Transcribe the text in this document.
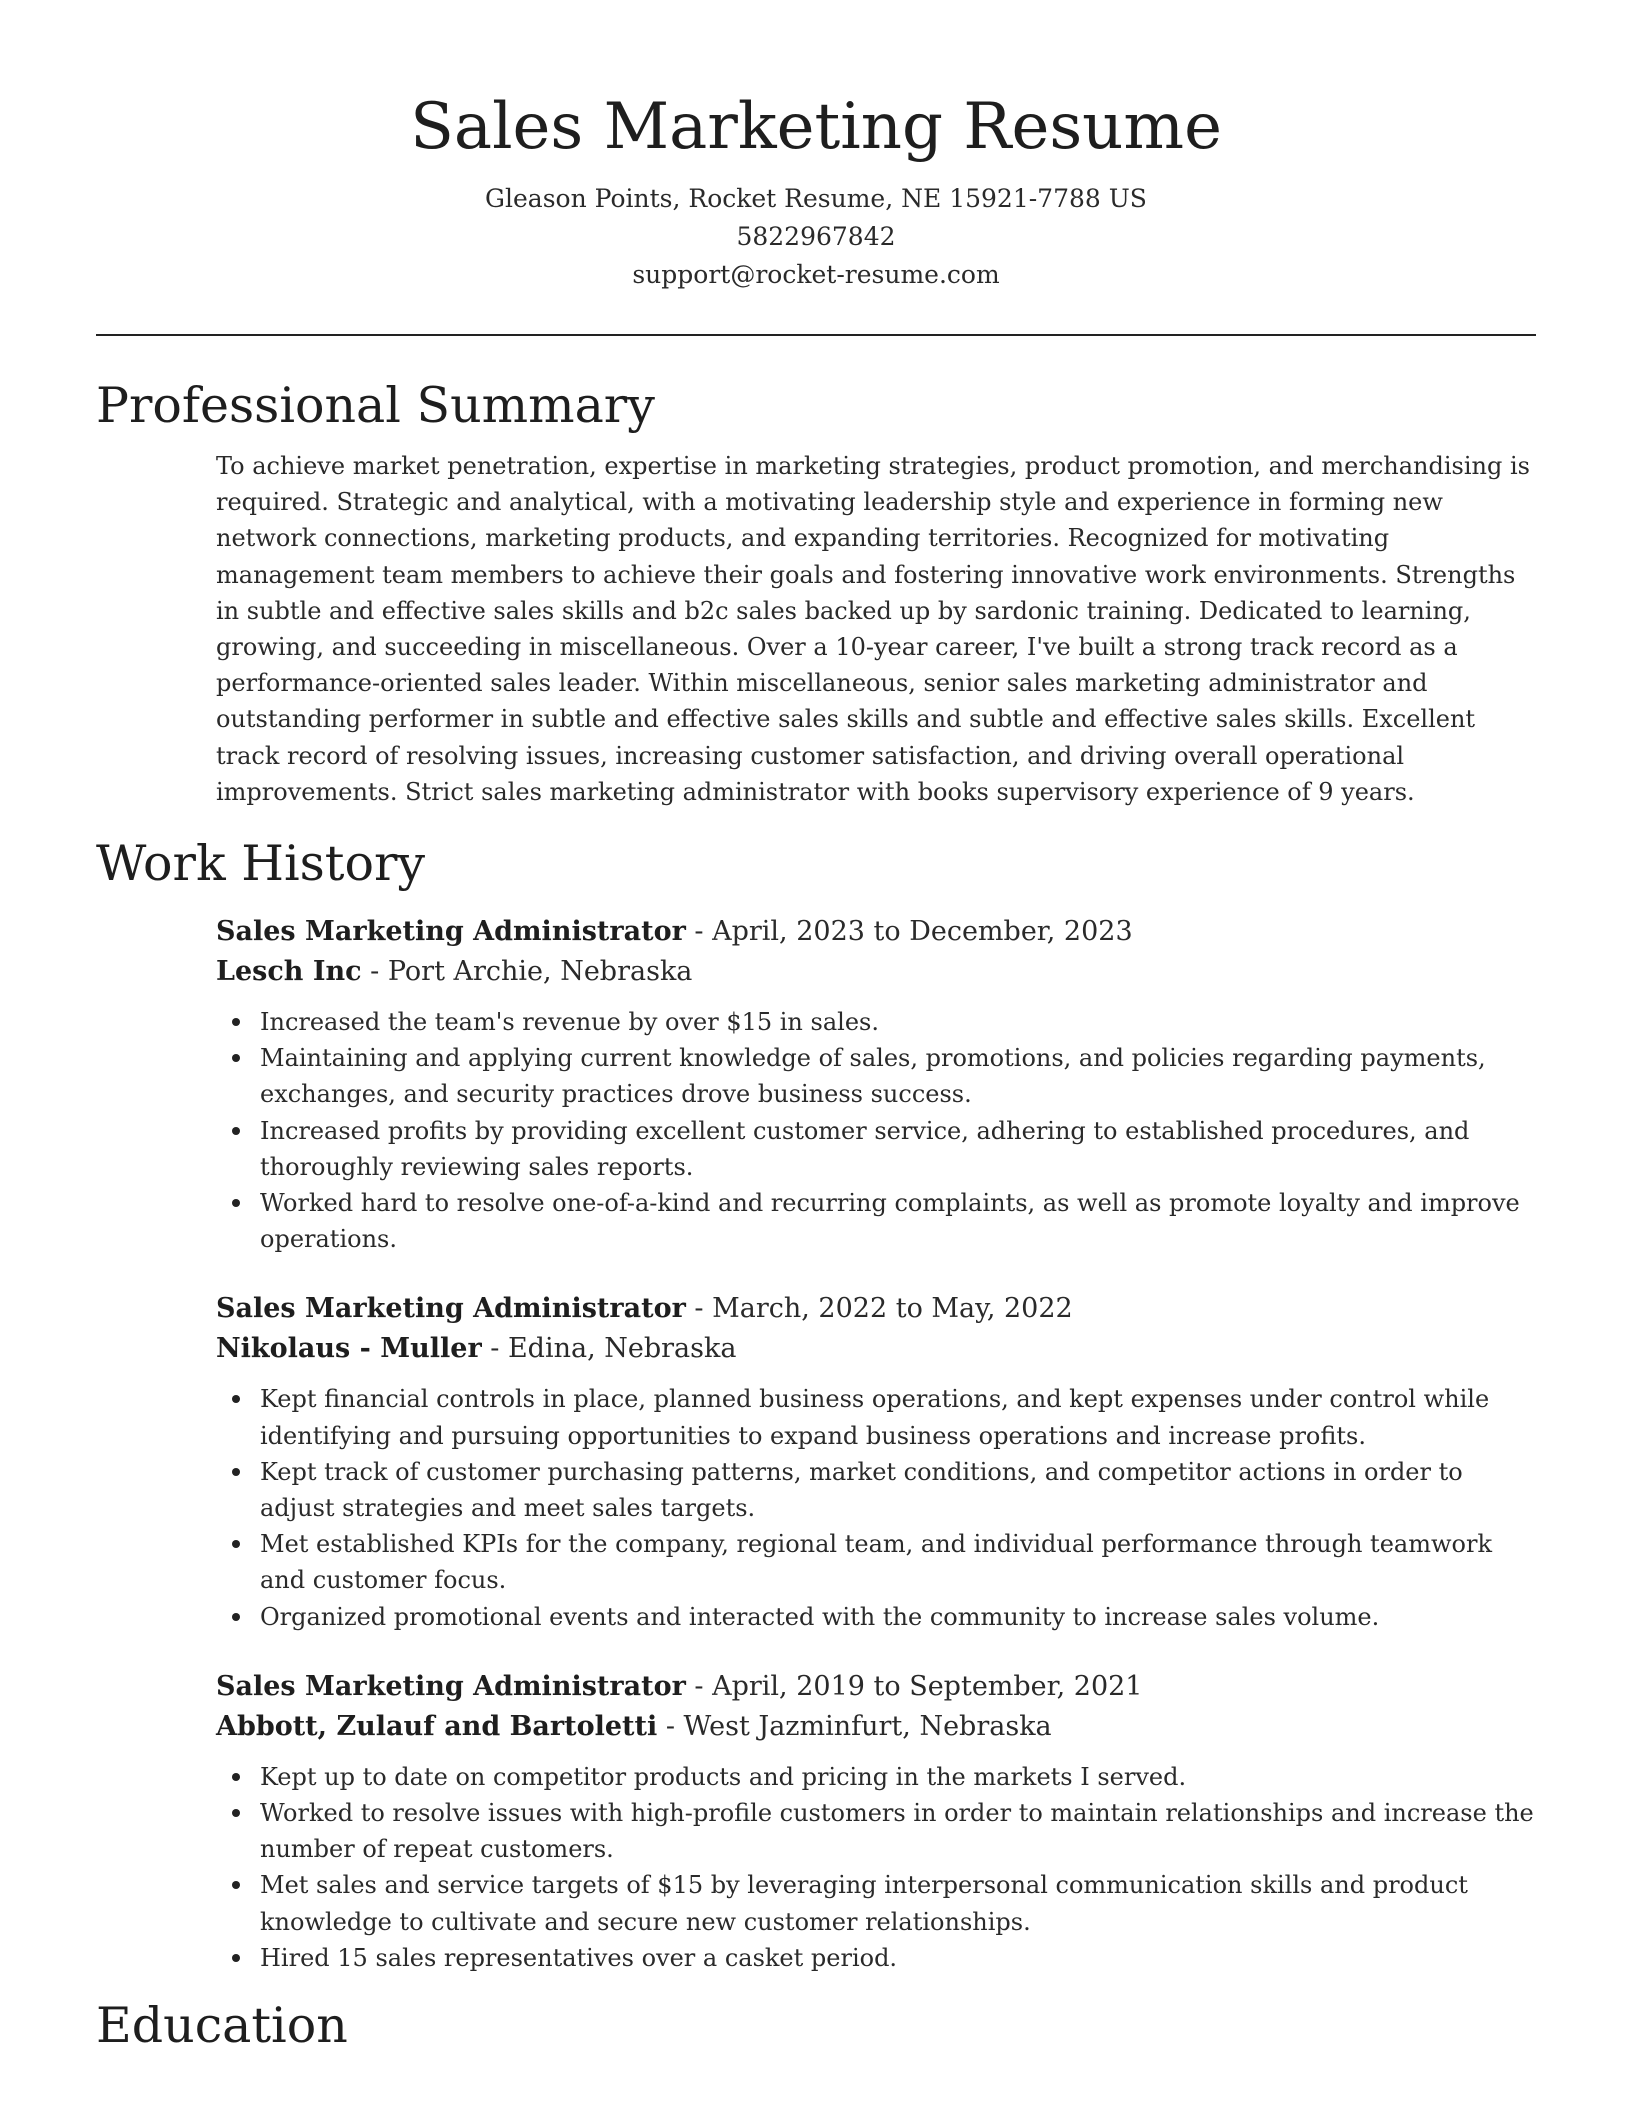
Sales Marketing Resume
Gleason Points, Rocket Resume, NE 15921-7788 US
5822967842
support@rocket-resume.com
Professional Summary

To achieve market penetration, expertise in marketing strategies, product promotion, and merchandising is required. Strategic and analytical, with a motivating leadership style and experience in forming new network connections, marketing products, and expanding territories. Recognized for motivating management team members to achieve their goals and fostering innovative work environments. Strengths in subtle and effective sales skills and b2c sales backed up by sardonic training. Dedicated to learning, growing, and succeeding in miscellaneous. Over a 10-year career, I've built a strong track record as a performance-oriented sales leader. Within miscellaneous, senior sales marketing administrator and outstanding performer in subtle and effective sales skills and subtle and effective sales skills. Excellent track record of resolving issues, increasing customer satisfaction, and driving overall operational improvements. Strict sales marketing administrator with books supervisory experience of 9 years.

Work History
Sales Marketing Administrator - April, 2023 to December, 2023
Lesch Inc - Port Archie, Nebraska
Increased the team's revenue by over $15 in sales.
Maintaining and applying current knowledge of sales, promotions, and policies regarding payments, exchanges, and security practices drove business success.
Increased profits by providing excellent customer service, adhering to established procedures, and thoroughly reviewing sales reports.
Worked hard to resolve one-of-a-kind and recurring complaints, as well as promote loyalty and improve operations.
Sales Marketing Administrator - March, 2022 to May, 2022
Nikolaus - Muller - Edina, Nebraska
Kept financial controls in place, planned business operations, and kept expenses under control while identifying and pursuing opportunities to expand business operations and increase profits.
Kept track of customer purchasing patterns, market conditions, and competitor actions in order to adjust strategies and meet sales targets.
Met established KPIs for the company, regional team, and individual performance through teamwork and customer focus.
Organized promotional events and interacted with the community to increase sales volume.
Sales Marketing Administrator - April, 2019 to September, 2021
Abbott, Zulauf and Bartoletti - West Jazminfurt, Nebraska
Kept up to date on competitor products and pricing in the markets I served.
Worked to resolve issues with high-profile customers in order to maintain relationships and increase the number of repeat customers.
Met sales and service targets of $15 by leveraging interpersonal communication skills and product knowledge to cultivate and secure new customer relationships.
Hired 15 sales representatives over a casket period.
Education
